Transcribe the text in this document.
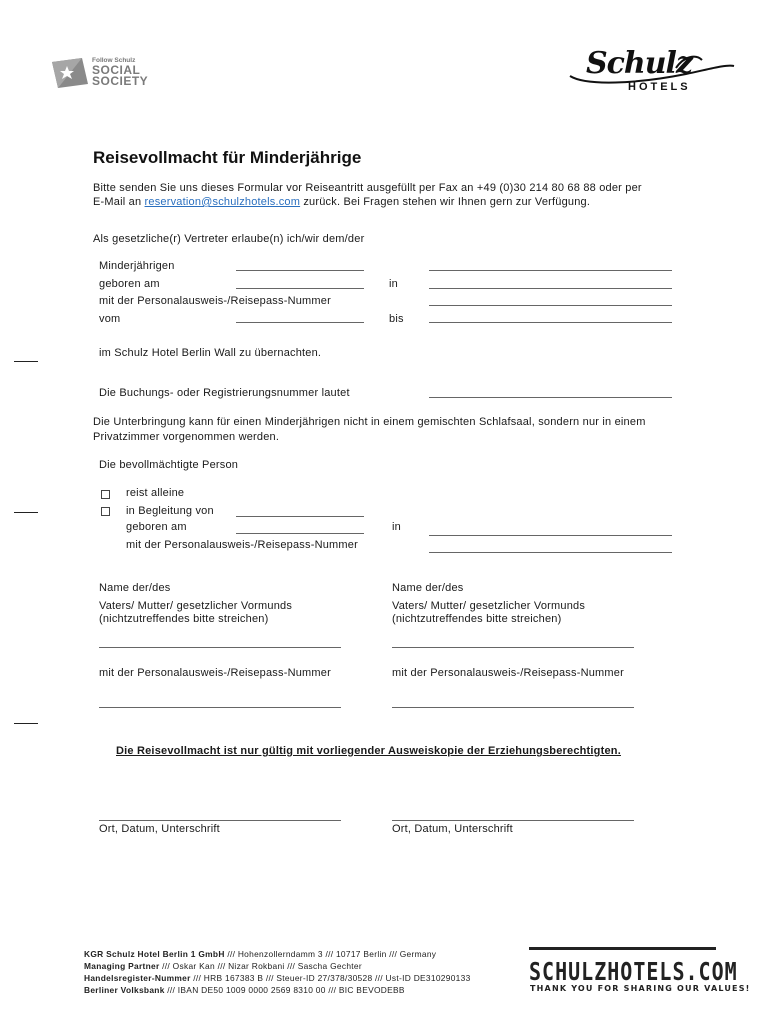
Follow Schulz
SOCIAL
SOCIETY	Schulz
HOTELS
Reisevollmacht für Minderjährige
Bitte senden Sie uns dieses Formular vor Reiseantritt ausgefüllt per Fax an +49 (0)30 214 80 68 88 oder per
E-Mail an reservation@schulzhotels.com zurück. Bei Fragen stehen wir Ihnen gern zur Verfügung.
Als gesetzliche(r) Vertreter erlaube(n) ich/wir dem/der
Minderjährigen
geboren am	in
mit der Personalausweis-/Reisepass-Nummer
vom	bis
im Schulz Hotel Berlin Wall zu übernachten.
Die Buchungs- oder Registrierungsnummer lautet
Die Unterbringung kann für einen Minderjährigen nicht in einem gemischten Schlafsaal, sondern nur in einem Privatzimmer vorgenommen werden.
Die bevollmächtigte Person
reist alleine
in Begleitung von
geboren am	in
mit der Personalausweis-/Reisepass-Nummer
Name der/des
Vaters/ Mutter/ gesetzlicher Vormunds
(nichtzutreffendes bitte streichen)
mit der Personalausweis-/Reisepass-Nummer
Name der/des
Vaters/ Mutter/ gesetzlicher Vormunds
(nichtzutreffendes bitte streichen)
mit der Personalausweis-/Reisepass-Nummer
Die Reisevollmacht ist nur gültig mit vorliegender Ausweiskopie der Erziehungsberechtigten.
Ort, Datum, Unterschrift	Ort, Datum, Unterschrift
KGR Schulz Hotel Berlin 1 GmbH /// Hohenzollerndamm 3 /// 10717 Berlin /// Germany
Managing Partner /// Oskar Kan /// Nizar Rokbani /// Sascha Gechter
Handelsregister-Nummer /// HRB 167383 B /// Steuer-ID 27/378/30528 /// Ust-ID DE310290133
Berliner Volksbank /// IBAN DE50 1009 0000 2569 8310 00 /// BIC BEVODEBB
SCHULZHOTELS.COM
THANK YOU FOR SHARING OUR VALUES!
